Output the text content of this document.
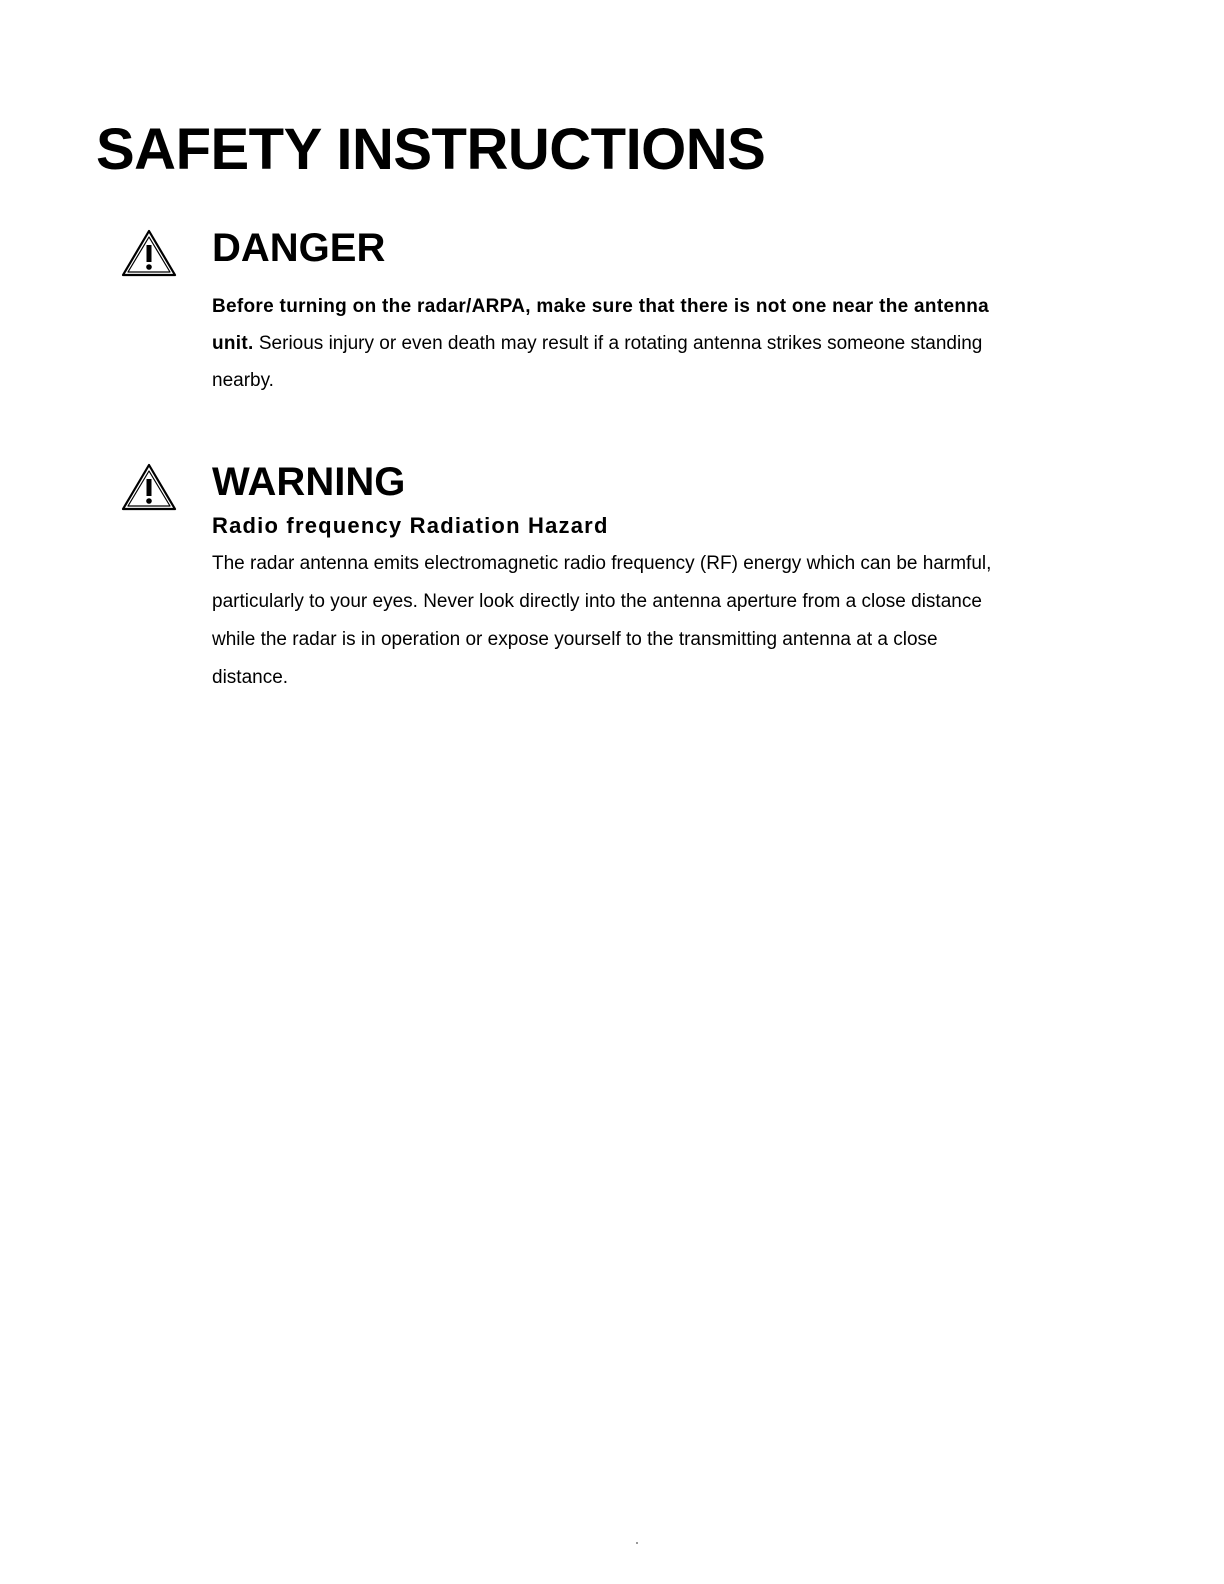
SAFETY INSTRUCTIONS
DANGER

Before turning on the radar/ARPA, make sure that there is not one near the antenna unit. Serious injury or even death may result if a rotating antenna strikes someone standing nearby.

WARNING

Radio frequency Radiation Hazard

The radar antenna emits electromagnetic radio frequency (RF) energy which can be harmful, particularly to your eyes. Never look directly into the antenna aperture from a close distance while the radar is in operation or expose yourself to the transmitting antenna at a close distance.
